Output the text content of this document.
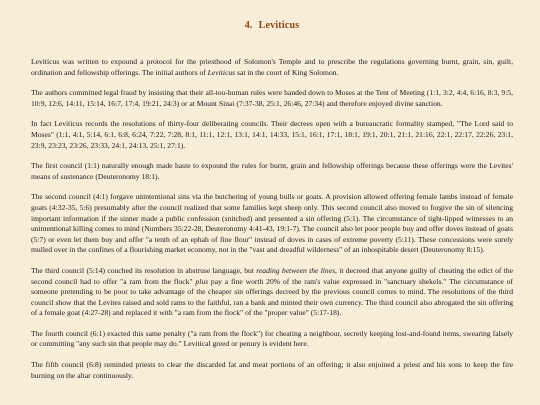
4. Leviticus

Leviticus was written to expound a protocol for the priesthood of Solomon's Temple and to prescribe the regulations governing burnt, grain, sin, guilt, ordination and fellowship offerings. The initial authors of Leviticus sat in the court of King Solomon.

The authors committed legal fraud by insisting that their all-too-human rules were handed down to Moses at the Tent of Meeting (1:1, 3:2, 4:4, 6:16, 8:3, 9:5, 10:9, 12:6, 14:11, 15:14, 16:7, 17:4, 19:21, 24:3) or at Mount Sinai (7:37-38, 25:1, 26:46, 27:34) and therefore enjoyed divine sanction.

In fact Leviticus records the resolutions of thirty-four deliberating councils. Their decrees open with a bureaucratic formality stamped, "The Lord said to Moses" (1:1, 4:1, 5:14, 6:1, 6:8, 6:24, 7:22, 7:28, 8:1, 11:1, 12:1, 13:1, 14:1, 14:33, 15:1, 16:1, 17:1, 18:1, 19:1, 20:1, 21:1, 21:16, 22:1, 22:17, 22:26, 23:1, 23:9, 23:23, 23:26, 23:33, 24:1, 24:13, 25:1, 27:1).

The first council (1:1) naturally enough made haste to expound the rules for burnt, grain and fellowship offerings because these offerings were the Levites' means of sustenance (Deuteronomy 18:1).

The second council (4:1) forgave unintentional sins via the butchering of young bulls or goats. A provision allowed offering female lambs instead of female goats (4:32-35, 5:6) presumably after the council realized that some families kept sheep only. This second council also moved to forgive the sin of silencing important information if the sinner made a public confession (snitched) and presented a sin offering (5:1). The circumstance of tight-lipped witnesses to an unintentional killing comes to mind (Numbers 35:22-28, Deuteronomy 4:41-43, 19:1-7). The council also let poor people buy and offer doves instead of goats (5:7) or even let them buy and offer "a tenth of an ephah of fine flour" instead of doves in cases of extreme poverty (5:11). These concessions were surely mulled over in the confines of a flourishing market economy, not in the "vast and dreadful wilderness" of an inhospitable desert (Deuteronomy 8:15).

The third council (5:14) couched its resolution in abstruse language, but reading between the lines, it decreed that anyone guilty of cheating the edict of the second council had to offer "a ram from the flock" plus pay a fine worth 20% of the ram's value expressed in "sanctuary shekels." The circumstance of someone pretending to be poor to take advantage of the cheaper sin offerings decreed by the previous council comes to mind. The resolutions of the third council show that the Levites raised and sold rams to the faithful, ran a bank and minted their own currency. The third council also abrogated the sin offering of a female goat (4:27-28) and replaced it with "a ram from the flock" of the "proper value" (5:17-18).

The fourth council (6:1) exacted this same penalty ("a ram from the flock") for cheating a neighbour, secretly keeping lost-and-found items, swearing falsely or committing "any such sin that people may do." Levitical greed or penury is evident here.

The fifth council (6:8) reminded priests to clear the discarded fat and meat portions of an offering; it also enjoined a priest and his sons to keep the fire burning on the altar continuously.
